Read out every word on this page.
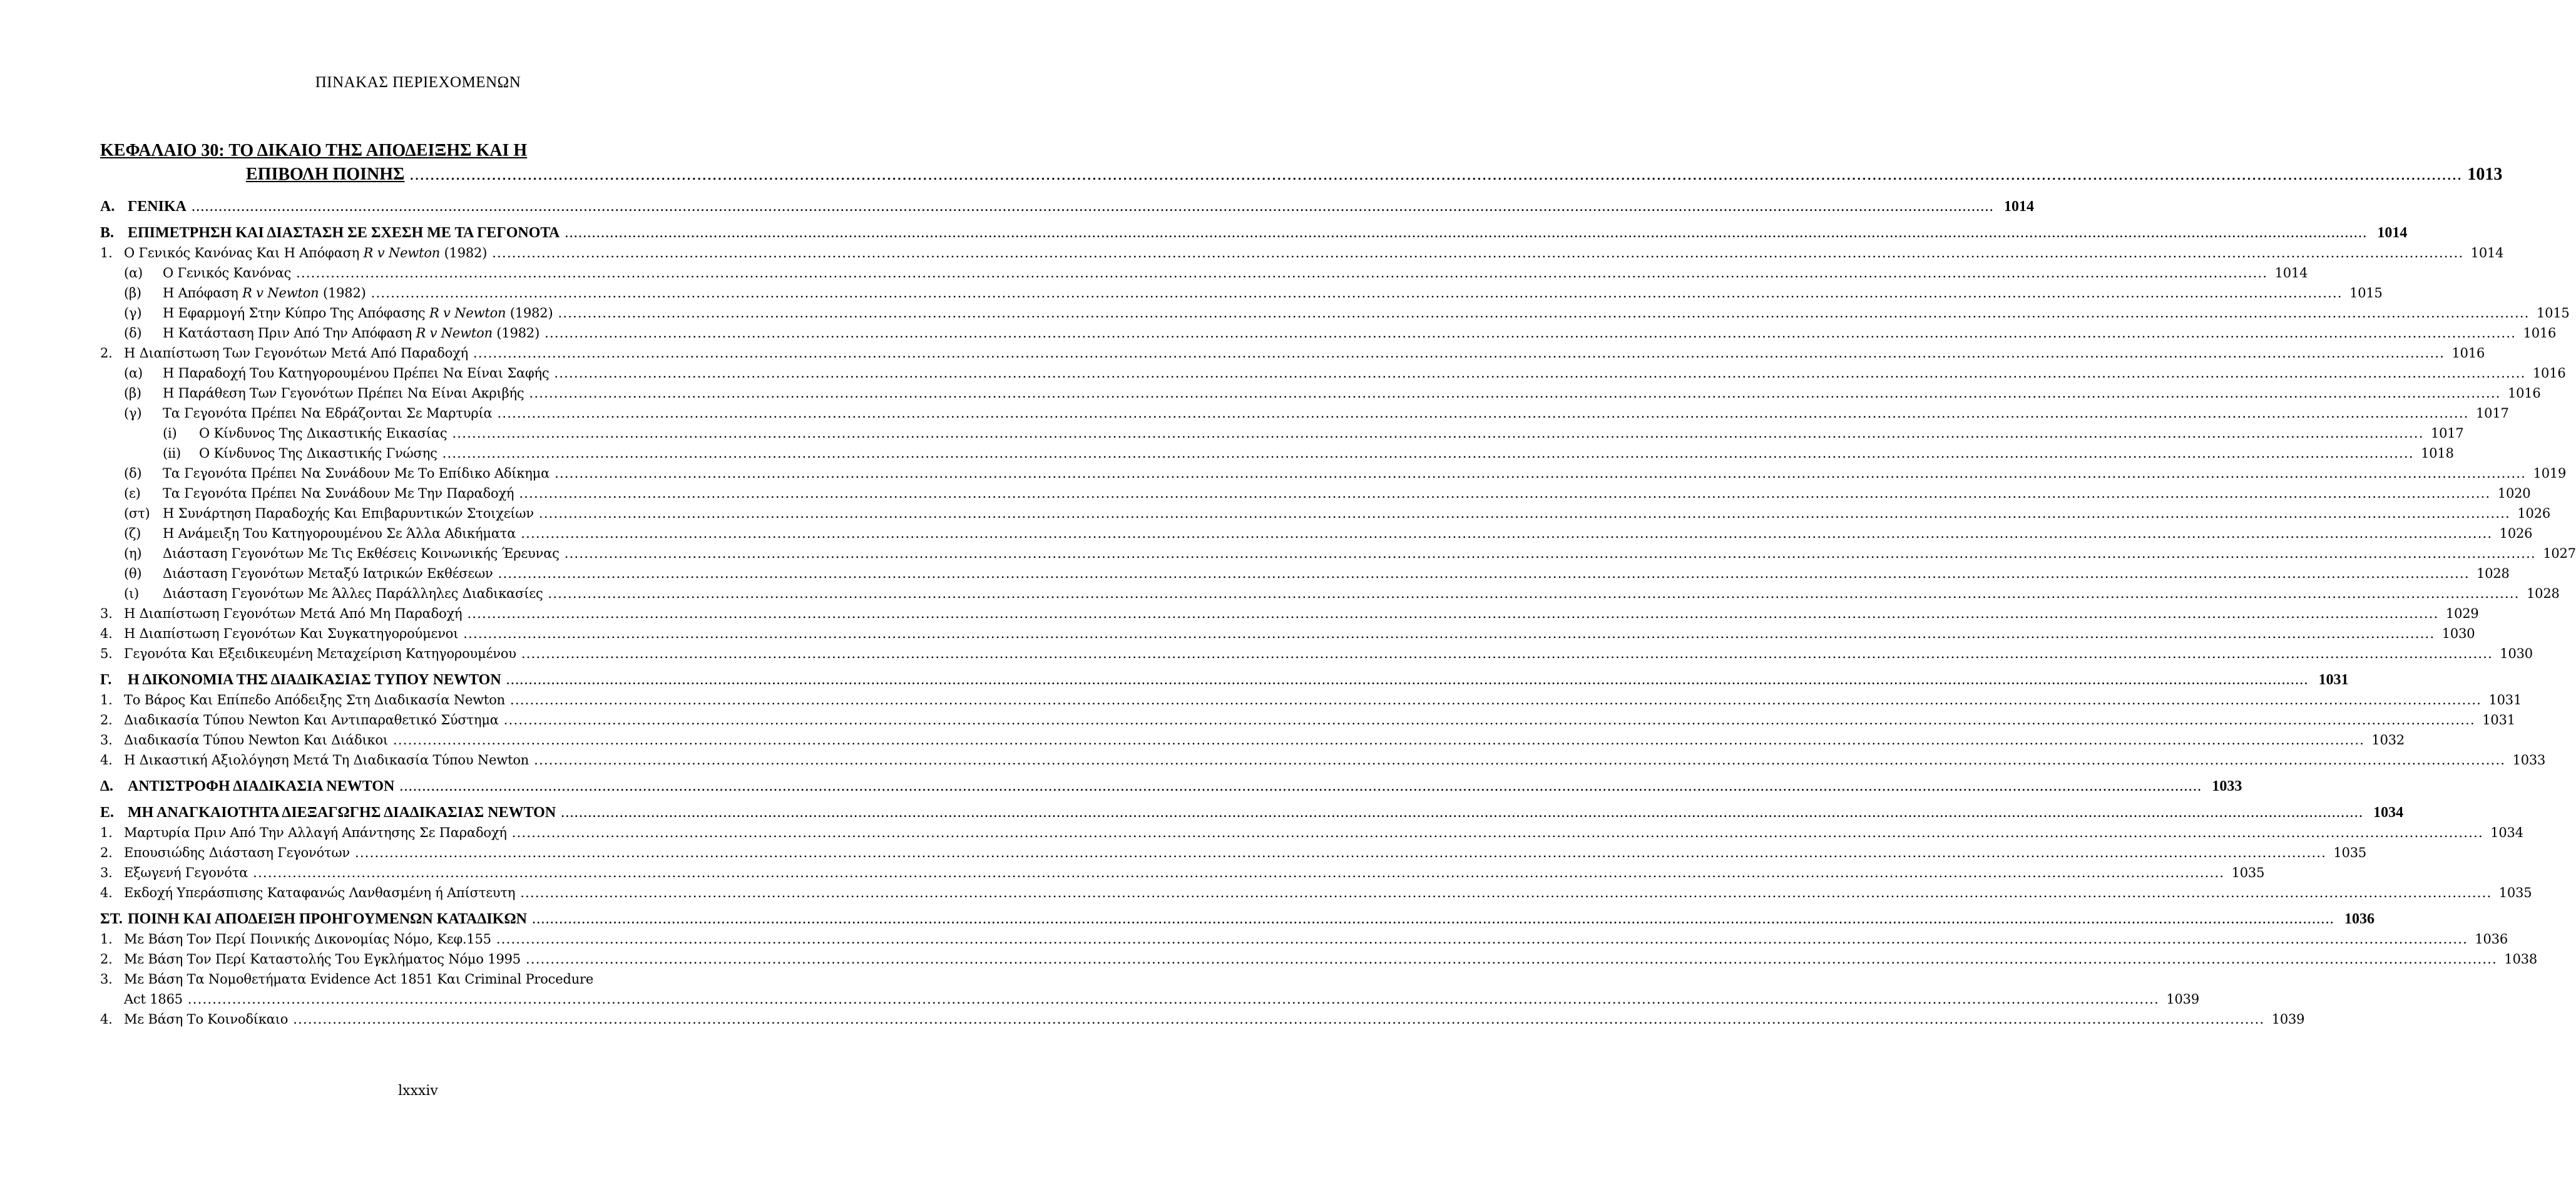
ΠΙΝΑΚΑΣ ΠΕΡΙΕΧΟΜΕΝΩΝ
ΚΕΦΑΛΑΙΟ 30: ΤΟ ΔΙΚΑΙΟ ΤΗΣ ΑΠΟΔΕΙΞΗΣ ΚΑΙ Η
ΕΠΙΒΟΛΗ ΠΟΙΝΗΣ ................................................................................................................................................................................................................................................................................................................................................................................................................ 1013
Α. ΓΕΝΙΚΑ ................................................................................................................................................................................................................................................................................................................................................................................................................ 1014
Β. ΕΠΙΜΕΤΡΗΣΗ ΚΑΙ ΔΙΑΣΤΑΣΗ ΣΕ ΣΧΕΣΗ ΜΕ ΤΑ ΓΕΓΟΝΟΤΑ ................................................................................................................................................................................................................................................................................................................................................................................................................ 1014
1. Ο Γενικός Κανόνας Και Η Απόφαση R v Newton (1982) ................................................................................................................................................................................................................................................................................................................................................................................................................ 1014
(α)	Ο Γενικός Κανόνας ................................................................................................................................................................................................................................................................................................................................................................................................................ 1014
(β)	Η Απόφαση R v Newton (1982) ................................................................................................................................................................................................................................................................................................................................................................................................................ 1015
(γ)	Η Εφαρμογή Στην Κύπρο Της Απόφασης R v Newton (1982) ................................................................................................................................................................................................................................................................................................................................................................................................................ 1015
(δ)	Η Κατάσταση Πριν Από Την Απόφαση R v Newton (1982) ................................................................................................................................................................................................................................................................................................................................................................................................................ 1016
2. Η Διαπίστωση Των Γεγονότων Μετά Από Παραδοχή ................................................................................................................................................................................................................................................................................................................................................................................................................ 1016
(α)	Η Παραδοχή Του Κατηγορουμένου Πρέπει Να Είναι Σαφής ................................................................................................................................................................................................................................................................................................................................................................................................................ 1016
(β)	Η Παράθεση Των Γεγονότων Πρέπει Να Είναι Ακριβής ................................................................................................................................................................................................................................................................................................................................................................................................................ 1016
(γ)	Τα Γεγονότα Πρέπει Να Εδράζονται Σε Μαρτυρία ................................................................................................................................................................................................................................................................................................................................................................................................................ 1017
(i)	Ο Κίνδυνος Της Δικαστικής Εικασίας ................................................................................................................................................................................................................................................................................................................................................................................................................ 1017
(ii)	Ο Κίνδυνος Της Δικαστικής Γνώσης ................................................................................................................................................................................................................................................................................................................................................................................................................ 1018
(δ)	Τα Γεγονότα Πρέπει Να Συνάδουν Με Το Επίδικο Αδίκημα ................................................................................................................................................................................................................................................................................................................................................................................................................ 1019
(ε)	Τα Γεγονότα Πρέπει Να Συνάδουν Με Την Παραδοχή ................................................................................................................................................................................................................................................................................................................................................................................................................ 1020
(στ) Η Συνάρτηση Παραδοχής Και Επιβαρυντικών Στοιχείων ................................................................................................................................................................................................................................................................................................................................................................................................................ 1026
(ζ)	Η Ανάμειξη Του Κατηγορουμένου Σε Άλλα Αδικήματα ................................................................................................................................................................................................................................................................................................................................................................................................................ 1026
(η)	Διάσταση Γεγονότων Με Τις Εκθέσεις Κοινωνικής Έρευνας ................................................................................................................................................................................................................................................................................................................................................................................................................ 1027
(θ)	Διάσταση Γεγονότων Μεταξύ Ιατρικών Εκθέσεων ................................................................................................................................................................................................................................................................................................................................................................................................................ 1028
(ι)	Διάσταση Γεγονότων Με Άλλες Παράλληλες Διαδικασίες ................................................................................................................................................................................................................................................................................................................................................................................................................ 1028
3. Η Διαπίστωση Γεγονότων Μετά Από Μη Παραδοχή ................................................................................................................................................................................................................................................................................................................................................................................................................ 1029
4. Η Διαπίστωση Γεγονότων Και Συγκατηγορούμενοι ................................................................................................................................................................................................................................................................................................................................................................................................................ 1030
5. Γεγονότα Και Εξειδικευμένη Μεταχείριση Κατηγορουμένου ................................................................................................................................................................................................................................................................................................................................................................................................................ 1030
Γ.	Η ΔΙΚΟΝΟΜΙΑ ΤΗΣ ΔΙΑΔΙΚΑΣΙΑΣ ΤΥΠΟΥ NEWTON ................................................................................................................................................................................................................................................................................................................................................................................................................ 1031
1. Το Βάρος Και Επίπεδο Απόδειξης Στη Διαδικασία Newton ................................................................................................................................................................................................................................................................................................................................................................................................................ 1031
2. Διαδικασία Τύπου Newton Και Αντιπαραθετικό Σύστημα ................................................................................................................................................................................................................................................................................................................................................................................................................ 1031
3. Διαδικασία Τύπου Newton Και Διάδικοι ................................................................................................................................................................................................................................................................................................................................................................................................................ 1032
4. Η Δικαστική Αξιολόγηση Μετά Τη Διαδικασία Τύπου Newton ................................................................................................................................................................................................................................................................................................................................................................................................................ 1033
Δ. ΑΝΤΙΣΤΡΟΦΗ ΔΙΑΔΙΚΑΣΙΑ NEWTON ................................................................................................................................................................................................................................................................................................................................................................................................................ 1033
Ε. ΜΗ ΑΝΑΓΚΑΙΟΤΗΤΑ ΔΙΕΞΑΓΩΓΗΣ ΔΙΑΔΙΚΑΣΙΑΣ NEWTON ................................................................................................................................................................................................................................................................................................................................................................................................................ 1034
1. Μαρτυρία Πριν Από Την Αλλαγή Απάντησης Σε Παραδοχή ................................................................................................................................................................................................................................................................................................................................................................................................................ 1034
2. Επουσιώδης Διάσταση Γεγονότων ................................................................................................................................................................................................................................................................................................................................................................................................................ 1035
3. Εξωγενή Γεγονότα ................................................................................................................................................................................................................................................................................................................................................................................................................ 1035
4. Εκδοχή Υπεράσπισης Καταφανώς Λανθασμένη ή Απίστευτη ................................................................................................................................................................................................................................................................................................................................................................................................................ 1035
ΣΤ. ΠΟΙΝΗ ΚΑΙ ΑΠΟΔΕΙΞΗ ΠΡΟΗΓΟΥΜΕΝΩΝ ΚΑΤΑΔΙΚΩΝ ................................................................................................................................................................................................................................................................................................................................................................................................................ 1036
1. Με Βάση Τον Περί Ποινικής Δικονομίας Νόμο, Κεφ.155 ................................................................................................................................................................................................................................................................................................................................................................................................................ 1036
2. Με Βάση Τον Περί Καταστολής Του Εγκλήματος Νόμο 1995 ................................................................................................................................................................................................................................................................................................................................................................................................................ 1038
3. Με Βάση Τα Νομοθετήματα Evidence Act 1851 Και Criminal Procedure
Act 1865 ................................................................................................................................................................................................................................................................................................................................................................................................................ 1039
4. Με Βάση Το Κοινοδίκαιο ................................................................................................................................................................................................................................................................................................................................................................................................................ 1039
lxxxiv
